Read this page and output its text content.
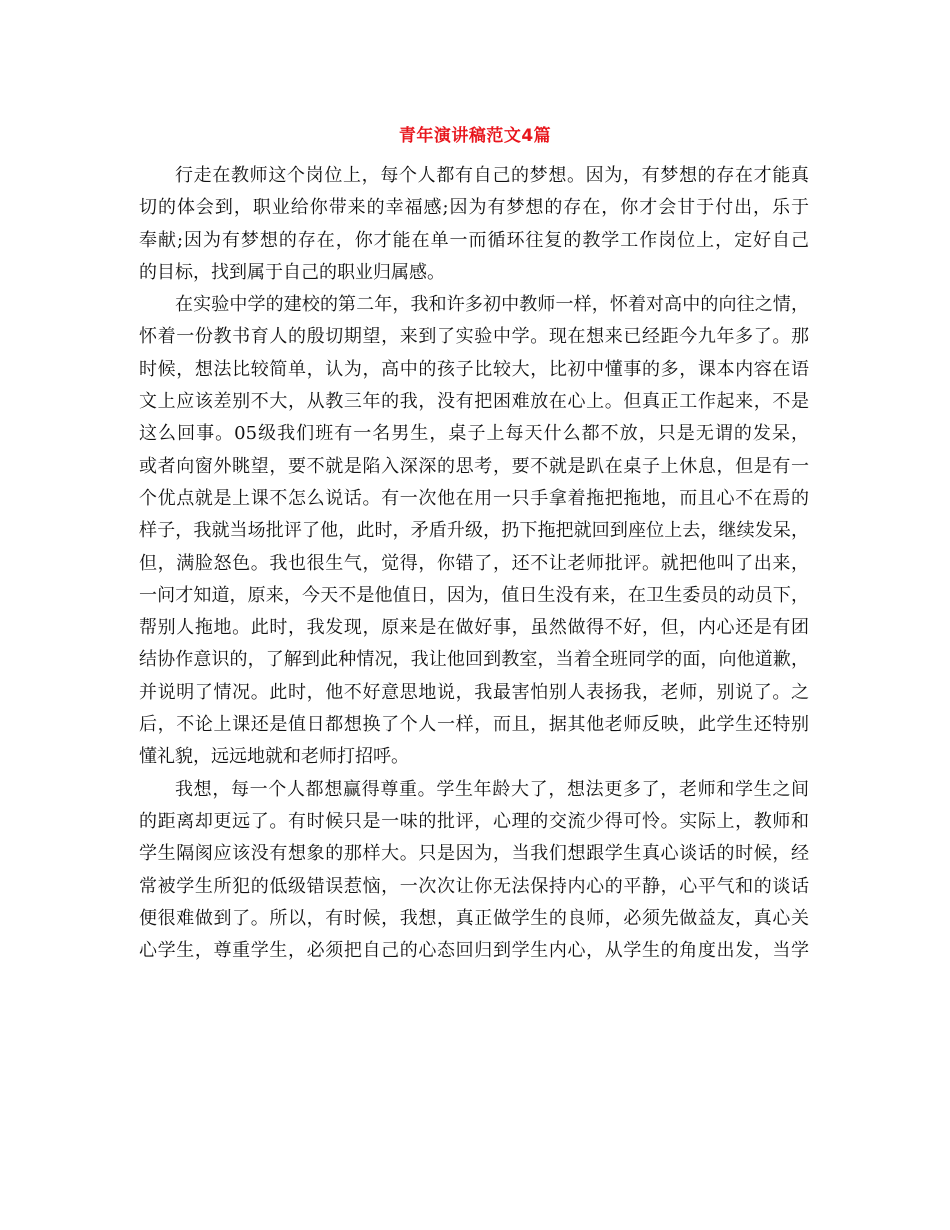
青年演讲稿范文4篇

行走在教师这个岗位上，每个人都有自己的梦想。因为，有梦想的存在才能真
切的体会到，职业给你带来的幸福感;因为有梦想的存在，你才会甘于付出，乐于
奉献;因为有梦想的存在，你才能在单一而循环往复的教学工作岗位上，定好自己
的目标，找到属于自己的职业归属感。

在实验中学的建校的第二年，我和许多初中教师一样，怀着对高中的向往之情，
怀着一份教书育人的殷切期望，来到了实验中学。现在想来已经距今九年多了。那
时候，想法比较简单，认为，高中的孩子比较大，比初中懂事的多，课本内容在语
文上应该差别不大，从教三年的我，没有把困难放在心上。但真正工作起来，不是
这么回事。05级我们班有一名男生，桌子上每天什么都不放，只是无谓的发呆，
或者向窗外眺望，要不就是陷入深深的思考，要不就是趴在桌子上休息，但是有一
个优点就是上课不怎么说话。有一次他在用一只手拿着拖把拖地，而且心不在焉的
样子，我就当场批评了他，此时，矛盾升级，扔下拖把就回到座位上去，继续发呆，
但，满脸怒色。我也很生气，觉得，你错了，还不让老师批评。就把他叫了出来，
一问才知道，原来，今天不是他值日，因为，值日生没有来，在卫生委员的动员下，
帮别人拖地。此时，我发现，原来是在做好事，虽然做得不好，但，内心还是有团
结协作意识的，了解到此种情况，我让他回到教室，当着全班同学的面，向他道歉，
并说明了情况。此时，他不好意思地说，我最害怕别人表扬我，老师，别说了。之
后，不论上课还是值日都想换了个人一样，而且，据其他老师反映，此学生还特别
懂礼貌，远远地就和老师打招呼。

我想，每一个人都想赢得尊重。学生年龄大了，想法更多了，老师和学生之间
的距离却更远了。有时候只是一味的批评，心理的交流少得可怜。实际上，教师和
学生隔阂应该没有想象的那样大。只是因为，当我们想跟学生真心谈话的时候，经
常被学生所犯的低级错误惹恼，一次次让你无法保持内心的平静，心平气和的谈话
便很难做到了。所以，有时候，我想，真正做学生的良师，必须先做益友，真心关
心学生，尊重学生，必须把自己的心态回归到学生内心，从学生的角度出发，当学
